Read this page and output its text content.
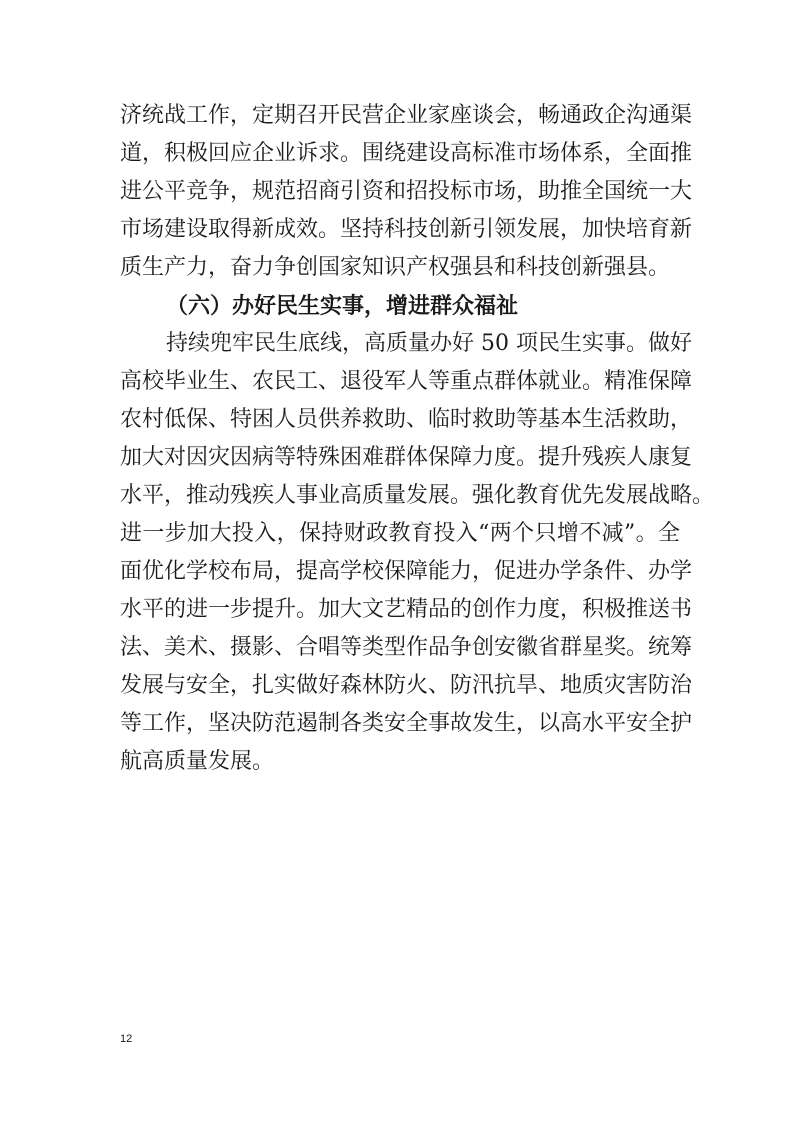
济统战工作，定期召开民营企业家座谈会，畅通政企沟通渠
道，积极回应企业诉求。围绕建设高标准市场体系，全面推
进公平竞争，规范招商引资和招投标市场，助推全国统一大
市场建设取得新成效。坚持科技创新引领发展，加快培育新
质生产力，奋力争创国家知识产权强县和科技创新强县。
（六）办好民生实事，增进群众福祉
持续兜牢民生底线，高质量办好 50 项民生实事。做好
高校毕业生、农民工、退役军人等重点群体就业。精准保障
农村低保、特困人员供养救助、临时救助等基本生活救助，
加大对因灾因病等特殊困难群体保障力度。提升残疾人康复
水平，推动残疾人事业高质量发展。强化教育优先发展战略。
进一步加大投入，保持财政教育投入“两个只增不减”。全
面优化学校布局，提高学校保障能力，促进办学条件、办学
水平的进一步提升。加大文艺精品的创作力度，积极推送书
法、美术、摄影、合唱等类型作品争创安徽省群星奖。统筹
发展与安全，扎实做好森林防火、防汛抗旱、地质灾害防治
等工作，坚决防范遏制各类安全事故发生，以高水平安全护
航高质量发展。
12
